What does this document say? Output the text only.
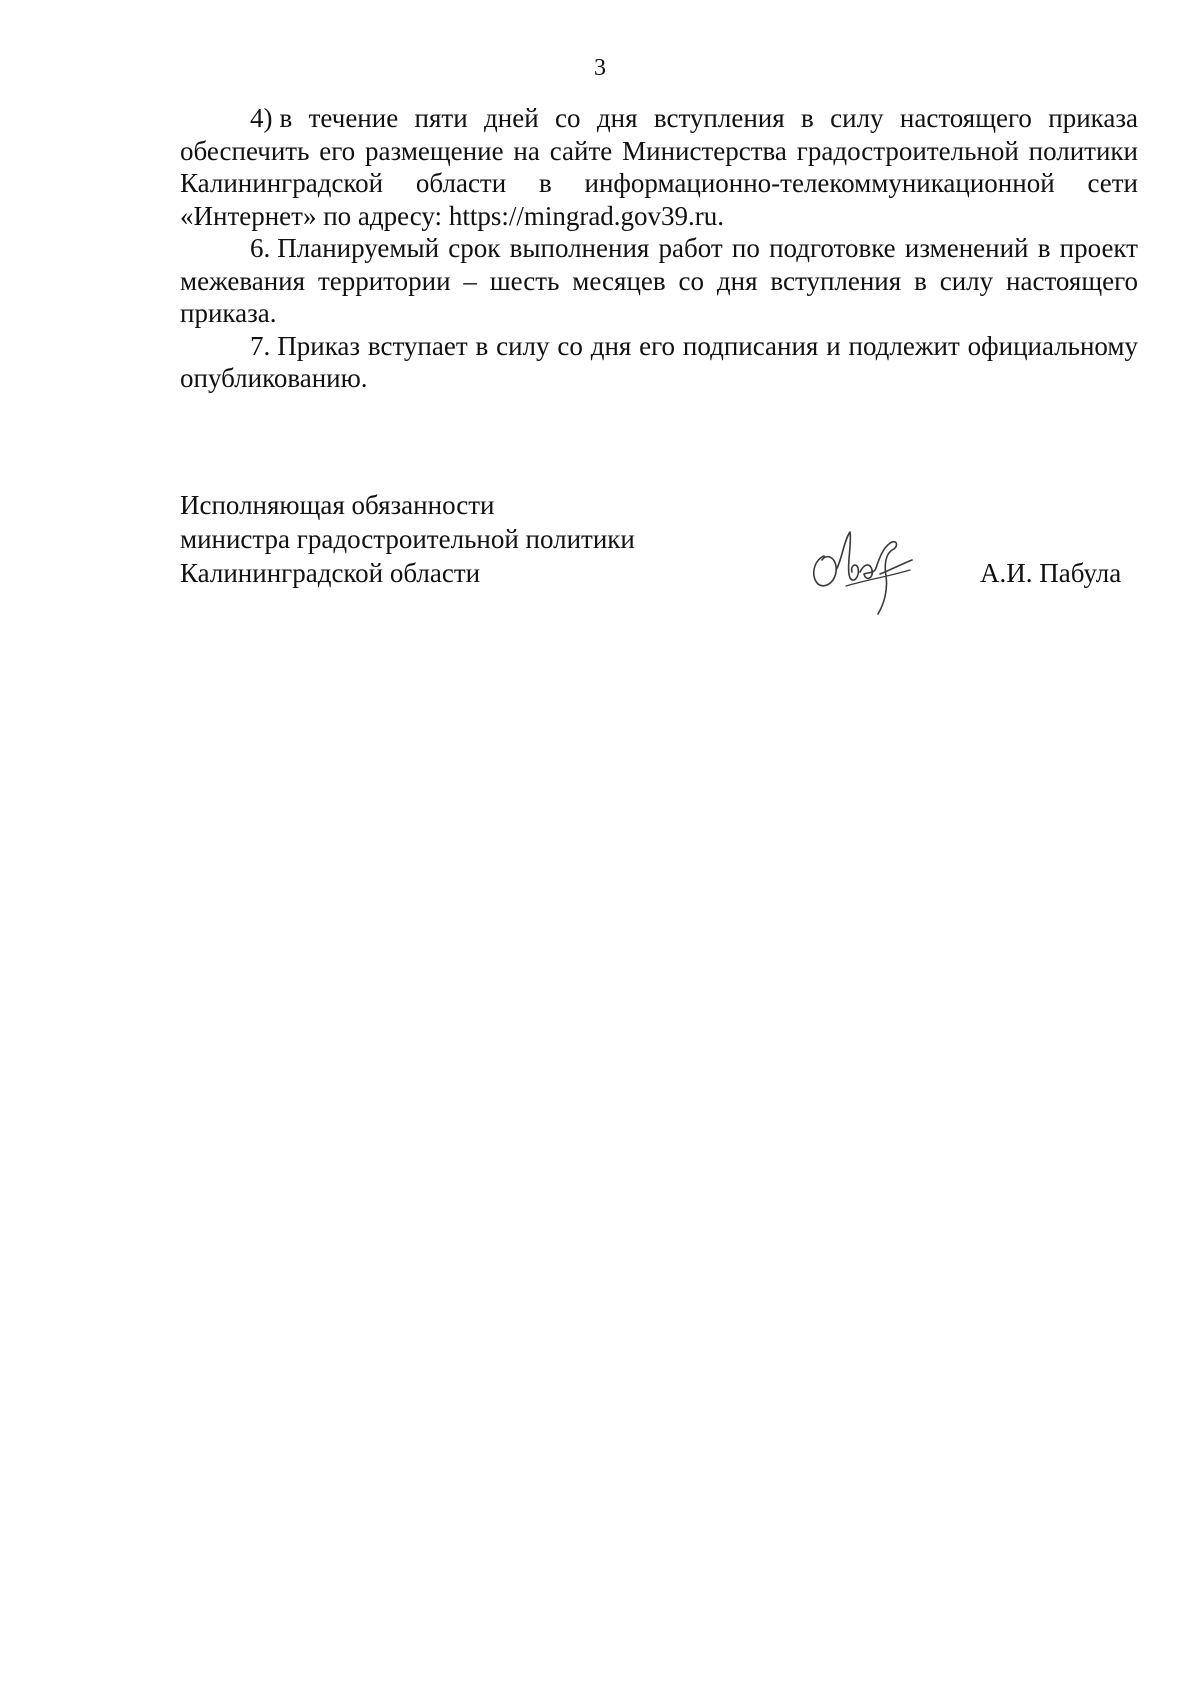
3

4) в течение пяти дней со дня вступления в силу настоящего приказа обеспечить его размещение на сайте Министерства градостроительной политики Калининградской области в информационно-телекоммуникационной сети «Интернет» по адресу: https://mingrad.gov39.ru.

6. Планируемый срок выполнения работ по подготовке изменений в проект межевания территории – шесть месяцев со дня вступления в силу настоящего приказа.

7. Приказ вступает в силу со дня его подписания и подлежит официальному опубликованию.

Исполняющая обязанности
министра градостроительной политики
Калининградской области	А.И. Пабула
